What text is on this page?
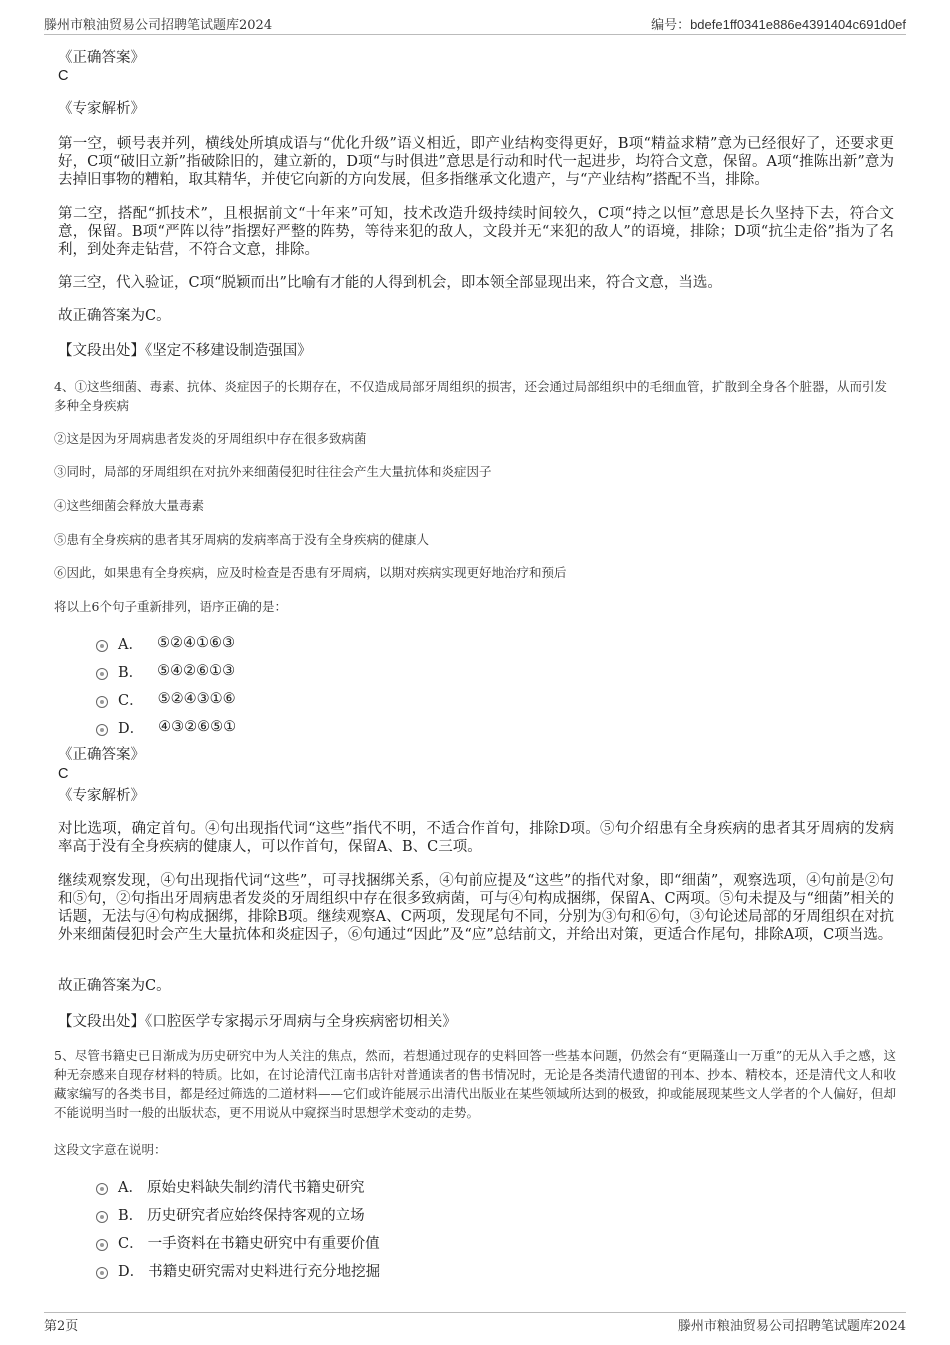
滕州市粮油贸易公司招聘笔试题库2024	编号：bdefe1ff0341e886e4391404c691d0ef
《正确答案》
C
《专家解析》
第一空，顿号表并列，横线处所填成语与“优化升级”语义相近，即产业结构变得更好，B项“精益求精”意为已经很好了，还要求更好，C项“破旧立新”指破除旧的，建立新的，D项“与时俱进”意思是行动和时代一起进步，均符合文意，保留。A项“推陈出新”意为去掉旧事物的糟粕，取其精华，并使它向新的方向发展，但多指继承文化遗产，与“产业结构”搭配不当，排除。
第二空，搭配“抓技术”，且根据前文“十年来”可知，技术改造升级持续时间较久，C项“持之以恒”意思是长久坚持下去，符合文意，保留。B项“严阵以待”指摆好严整的阵势，等待来犯的敌人，文段并无“来犯的敌人”的语境，排除；D项“抗尘走俗”指为了名利，到处奔走钻营，不符合文意，排除。
第三空，代入验证，C项“脱颖而出”比喻有才能的人得到机会，即本领全部显现出来，符合文意，当选。
故正确答案为C。
【文段出处】《坚定不移建设制造强国》
4、①这些细菌、毒素、抗体、炎症因子的长期存在，不仅造成局部牙周组织的损害，还会通过局部组织中的毛细血管，扩散到全身各个脏器，从而引发多种全身疾病
②这是因为牙周病患者发炎的牙周组织中存在很多致病菌
③同时，局部的牙周组织在对抗外来细菌侵犯时往往会产生大量抗体和炎症因子
④这些细菌会释放大量毒素
⑤患有全身疾病的患者其牙周病的发病率高于没有全身疾病的健康人
⑥因此，如果患有全身疾病，应及时检查是否患有牙周病，以期对疾病实现更好地治疗和预后
将以上6个句子重新排列，语序正确的是：
A． ⑤②④①⑥③
B． ⑤④②⑥①③
C． ⑤②④③①⑥
D． ④③②⑥⑤①
《正确答案》
C
《专家解析》
对比选项，确定首句。④句出现指代词“这些”指代不明，不适合作首句，排除D项。⑤句介绍患有全身疾病的患者其牙周病的发病率高于没有全身疾病的健康人，可以作首句，保留A、B、C三项。
继续观察发现，④句出现指代词“这些”，可寻找捆绑关系，④句前应提及“这些”的指代对象，即“细菌”，观察选项，④句前是②句和⑤句，②句指出牙周病患者发炎的牙周组织中存在很多致病菌，可与④句构成捆绑，保留A、C两项。⑤句未提及与“细菌”相关的话题，无法与④句构成捆绑，排除B项。继续观察A、C两项，发现尾句不同，分别为③句和⑥句，③句论述局部的牙周组织在对抗外来细菌侵犯时会产生大量抗体和炎症因子，⑥句通过“因此”及“应”总结前文，并给出对策，更适合作尾句，排除A项，C项当选。
故正确答案为C。
【文段出处】《口腔医学专家揭示牙周病与全身疾病密切相关》
5、尽管书籍史已日渐成为历史研究中为人关注的焦点，然而，若想通过现存的史料回答一些基本问题，仍然会有“更隔蓬山一万重”的无从入手之感，这种无奈感来自现存材料的特质。比如，在讨论清代江南书店针对普通读者的售书情况时，无论是各类清代遗留的刊本、抄本、精校本，还是清代文人和收藏家编写的各类书目，都是经过筛选的二道材料——它们或许能展示出清代出版业在某些领域所达到的极致，抑或能展现某些文人学者的个人偏好，但却不能说明当时一般的出版状态，更不用说从中窥探当时思想学术变动的走势。
这段文字意在说明：
A． 原始史料缺失制约清代书籍史研究
B． 历史研究者应始终保持客观的立场
C． 一手资料在书籍史研究中有重要价值
D． 书籍史研究需对史料进行充分地挖掘
第2页	滕州市粮油贸易公司招聘笔试题库2024
